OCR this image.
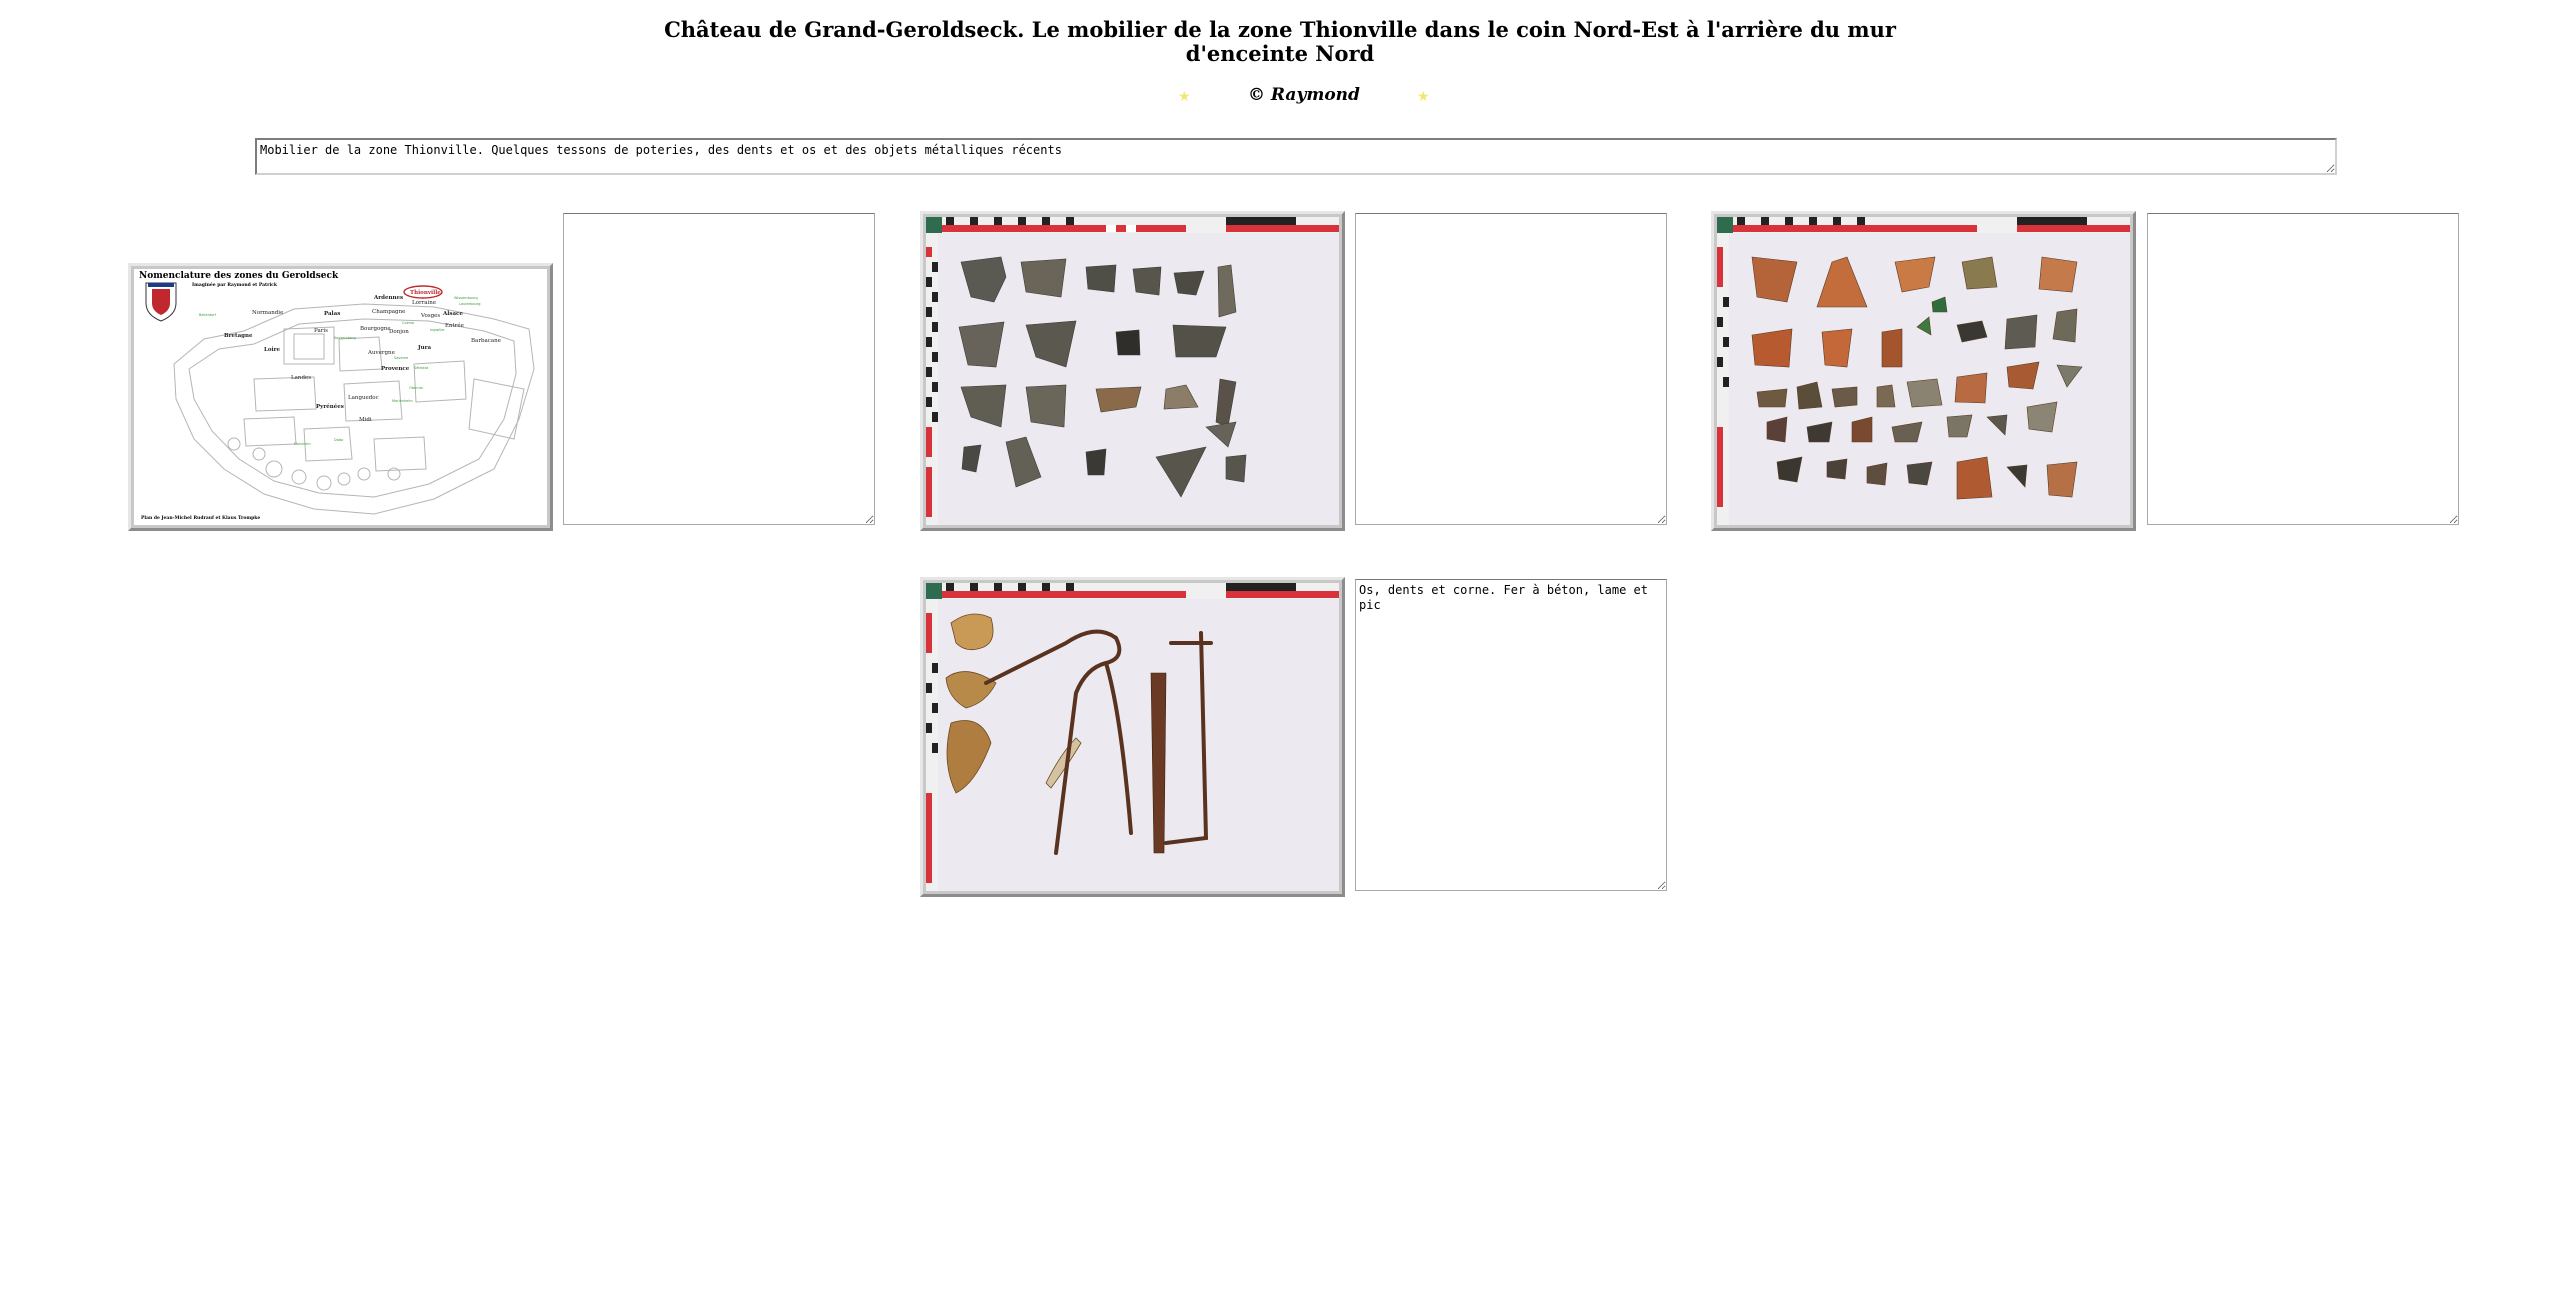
Château de Grand-Geroldseck. Le mobilier de la zone Thionville dans le coin Nord-Est à l'arrière du mur d'enceinte Nord
★	© Raymond	★
Mobilier de la zone Thionville. Quelques tessons de poteries, des dents et os et des objets métalliques récents
Nomenclature des zones du Geroldseck
Imaginée par Raymond et Patrick
Ardennes
Thionville
Lorraine
Normandie	Palas	Champagne
Vosges Alsace
Bretagne
Paris	Bourgogne
Donjon
Entrée
Loire	Auvergne
Jura
Barbacane
Provence
Landes
Languedoc
Pyrénées
Midi
Wissembourg
Lauterbourg
Ballerdorf
Kaysersberg
Colmar
Saverne
Sélestat
Obernai
Marlenheim
Molsheim
Dabo
Ingwiller
Plan de Jean-Michel Rudrauf et Klaus Trompke
Os, dents et corne. Fer à béton, lame et pic
